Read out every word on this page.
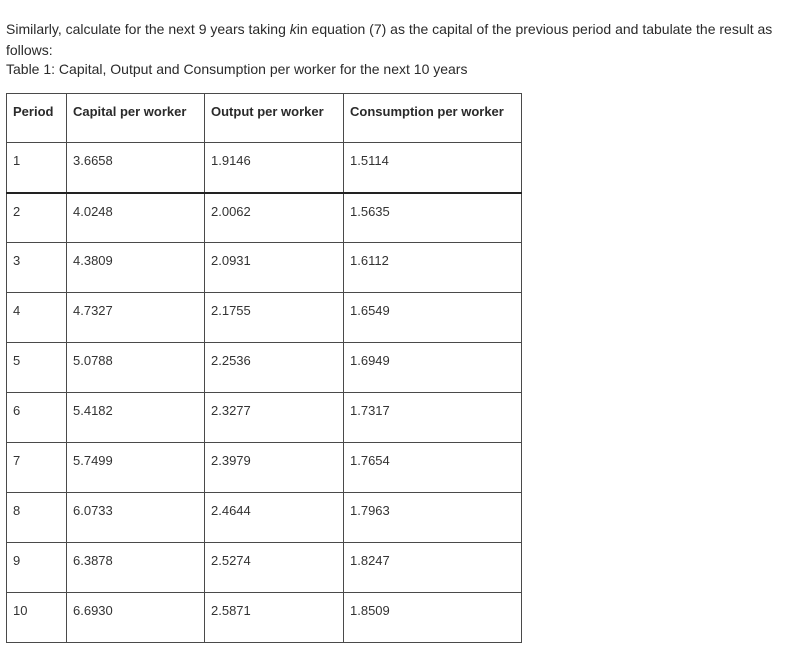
Similarly, calculate for the next 9 years taking kin equation (7) as the capital of the previous period and tabulate the result as follows:

Table 1: Capital, Output and Consumption per worker for the next 10 years
Period	Capital per worker	Output per worker	Consumption per worker
1	3.6658	1.9146	1.5114
2	4.0248	2.0062	1.5635
3	4.3809	2.0931	1.6112
4	4.7327	2.1755	1.6549
5	5.0788	2.2536	1.6949
6	5.4182	2.3277	1.7317
7	5.7499	2.3979	1.7654
8	6.0733	2.4644	1.7963
9	6.3878	2.5274	1.8247
10	6.6930	2.5871	1.8509
